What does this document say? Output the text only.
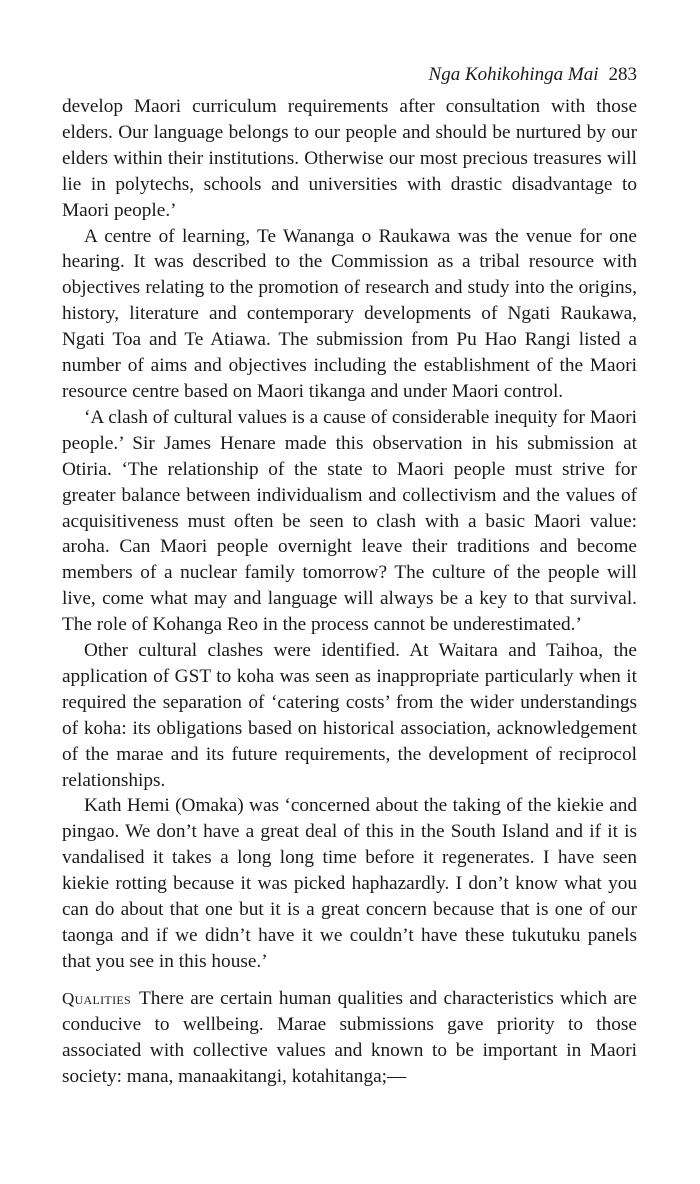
Nga Kohikohinga Mai 283

develop Maori curriculum requirements after consultation with those elders. Our language belongs to our people and should be nurtured by our elders within their institutions. Otherwise our most precious treasures will lie in polytechs, schools and universities with drastic disadvantage to Maori people.’

A centre of learning, Te Wananga o Raukawa was the venue for one hearing. It was described to the Commission as a tribal resource with objectives relating to the promotion of research and study into the origins, history, literature and contemporary developments of Ngati Raukawa, Ngati Toa and Te Atiawa. The submission from Pu Hao Rangi listed a number of aims and objectives including the establishment of the Maori resource centre based on Maori tikanga and under Maori control.

‘A clash of cultural values is a cause of considerable inequity for Maori people.’ Sir James Henare made this observation in his submission at Otiria. ‘The relationship of the state to Maori people must strive for greater balance between individualism and collectivism and the values of acquisitiveness must often be seen to clash with a basic Maori value: aroha. Can Maori people overnight leave their traditions and become members of a nuclear family tomorrow? The culture of the people will live, come what may and language will always be a key to that survival. The role of Kohanga Reo in the process cannot be underestimated.’

Other cultural clashes were identified. At Waitara and Taihoa, the application of GST to koha was seen as inappropriate particularly when it required the separation of ‘catering costs’ from the wider understandings of koha: its obligations based on historical association, acknowledgement of the marae and its future requirements, the development of reciprocol relationships.

Kath Hemi (Omaka) was ‘concerned about the taking of the kiekie and pingao. We don’t have a great deal of this in the South Island and if it is vandalised it takes a long long time before it regenerates. I have seen kiekie rotting because it was picked haphazardly. I don’t know what you can do about that one but it is a great concern because that is one of our taonga and if we didn’t have it we couldn’t have these tukutuku panels that you see in this house.’

Qualities There are certain human qualities and characteristics which are conducive to wellbeing. Marae submissions gave priority to those associated with collective values and known to be important in Maori society: mana, manaakitangi, kotahitanga;—
